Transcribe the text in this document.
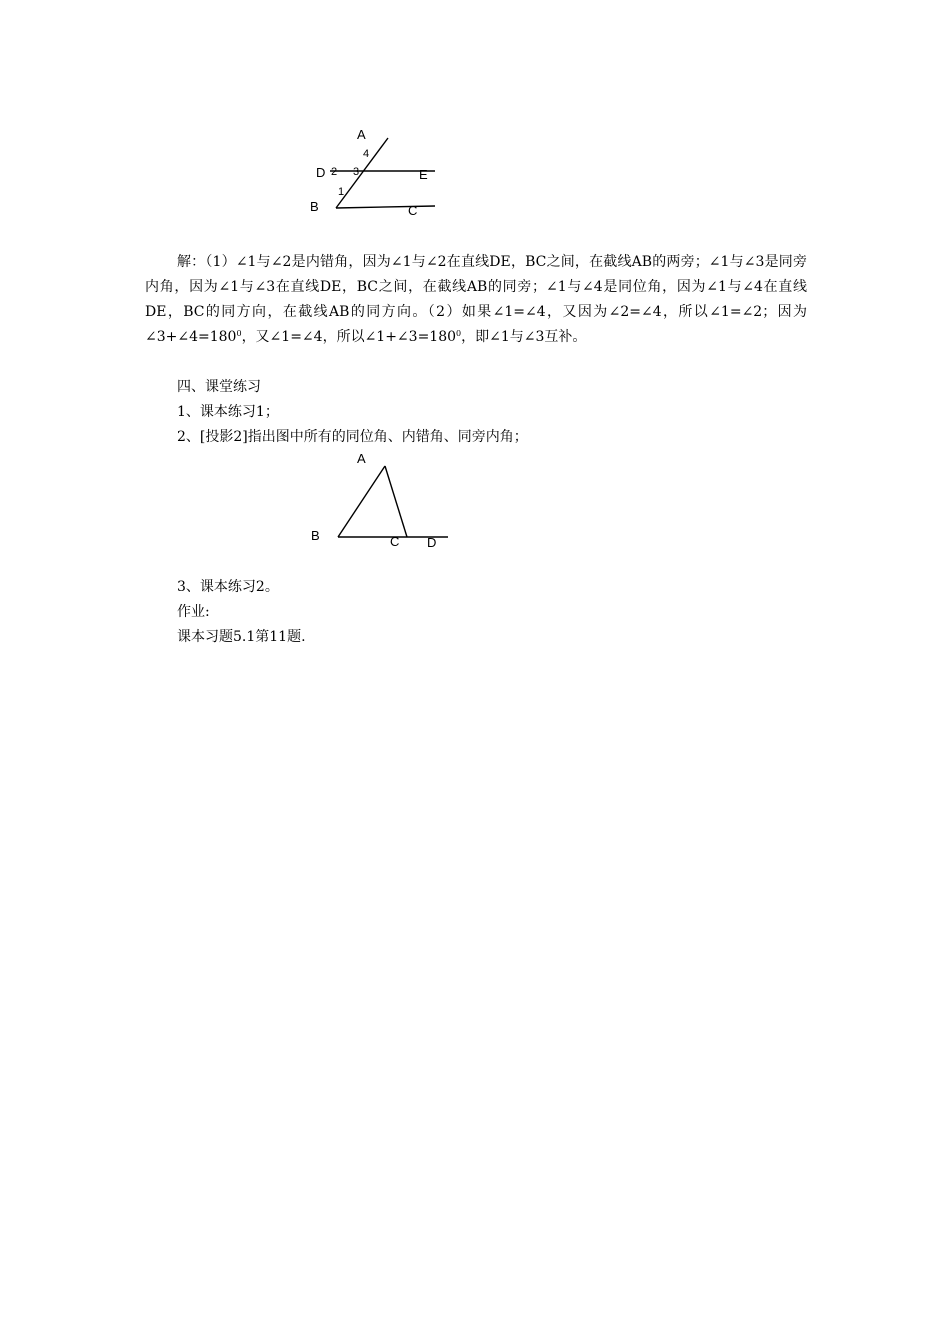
A
4
D 2 3	E
1
B	C
解：（1）∠1与∠2是内错角，因为∠1与∠2在直线DE，BC之间，在截线AB的两旁；∠1与∠3是同旁内角，因为∠1与∠3在直线DE，BC之间，在截线AB的同旁；∠1与∠4是同位角，因为∠1与∠4在直线DE，BC的同方向，在截线AB的同方向。（2）如果∠1=∠4，又因为∠2=∠4，所以∠1=∠2；因为$\angle 3+\angle 4=180^0$，又∠1=∠4，所以$\angle 1+\angle 3=180^0$，即∠1与∠3互补。
四、课堂练习
1、课本练习1；
2、[投影2]指出图中所有的同位角、内错角、同旁内角；
A
B	C D
3、课本练习2。
作业:
课本习题5.1第11题.
